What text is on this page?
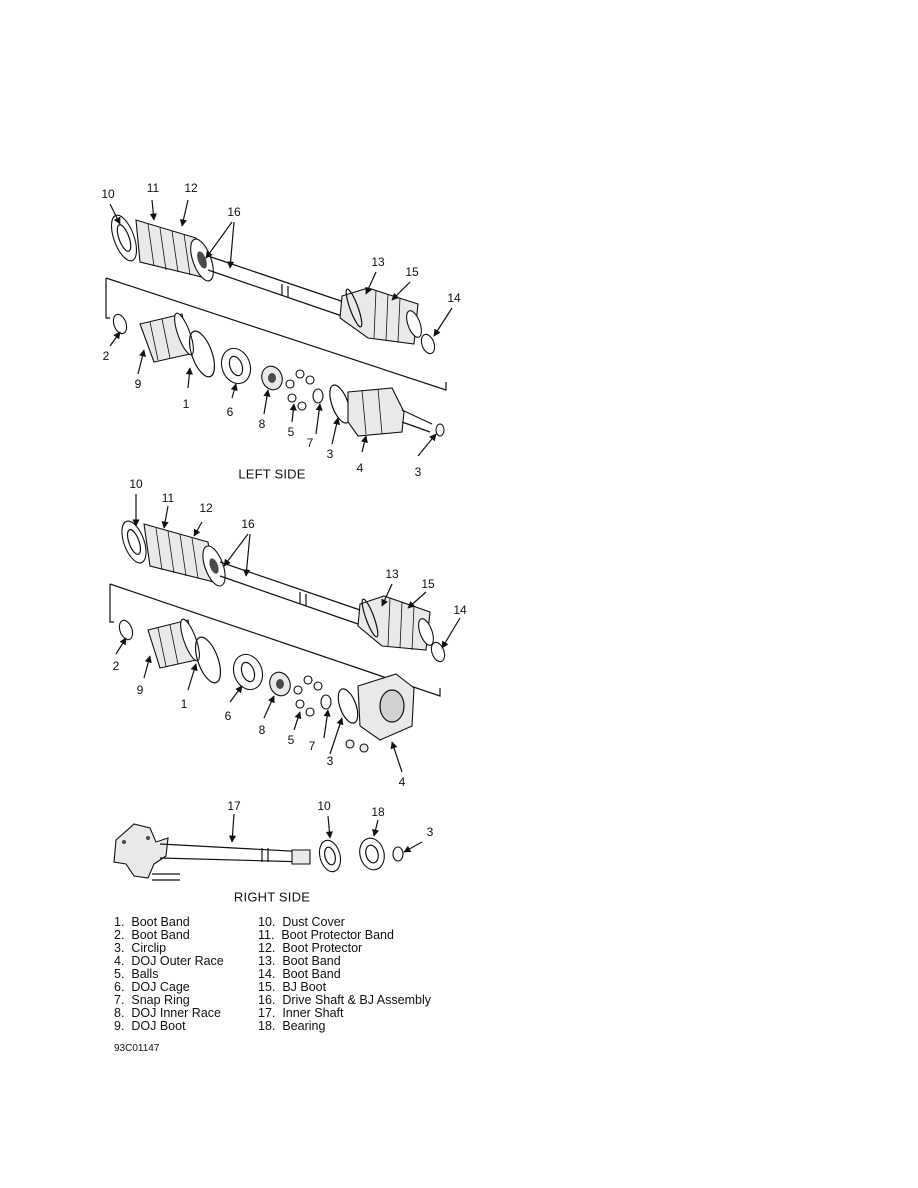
10	11 12
16
13
15
14
2
9
1
6
8
5
7
3
4	3
LEFT SIDE
10
11
12
16
13
15
14
2
9
1
6
8
5 7
3
4
17	10	18
3
RIGHT SIDE
1.  Boot Band
2.  Boot Band
3.  Circlip
4.  DOJ Outer Race
5.  Balls
6.  DOJ Cage
7.  Snap Ring
8.  DOJ Inner Race
9.  DOJ Boot
10.  Dust Cover
11.  Boot Protector Band
12.  Boot Protector
13.  Boot Band
14.  Boot Band
15.  BJ Boot
16.  Drive Shaft & BJ Assembly
17.  Inner Shaft
18.  Bearing
93C01147
